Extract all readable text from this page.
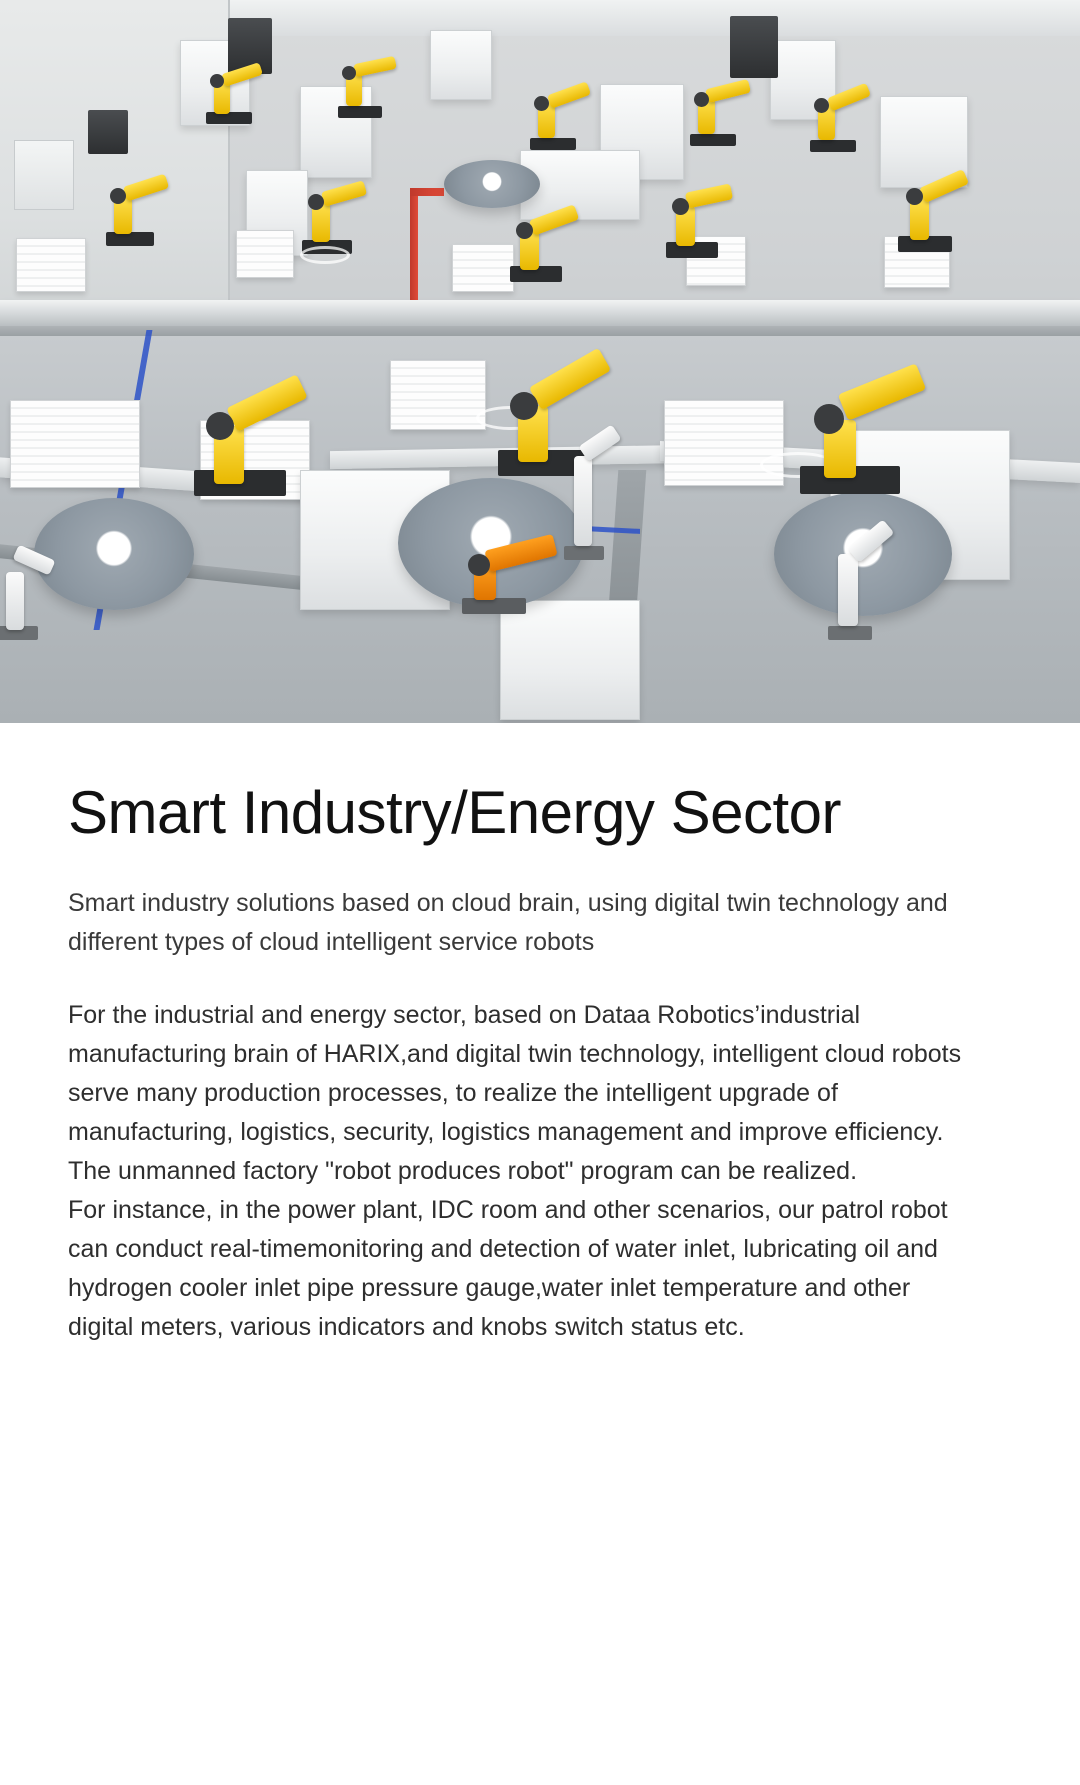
Smart Industry/Energy Sector

Smart industry solutions based on cloud brain, using digital twin technology and different types of cloud intelligent service robots

For the industrial and energy sector, based on Dataa Robotics’industrial manufacturing brain of HARIX,and digital twin technology, intelligent cloud robots serve many production processes, to realize the intelligent upgrade of manufacturing, logistics, security, logistics management and improve efficiency.

The unmanned factory "robot produces robot" program can be realized.

For instance, in the power plant, IDC room and other scenarios, our patrol robot can conduct real-timemonitoring and detection of water inlet, lubricating oil and hydrogen cooler inlet pipe pressure gauge,water inlet temperature and other digital meters, various indicators and knobs switch status etc.
